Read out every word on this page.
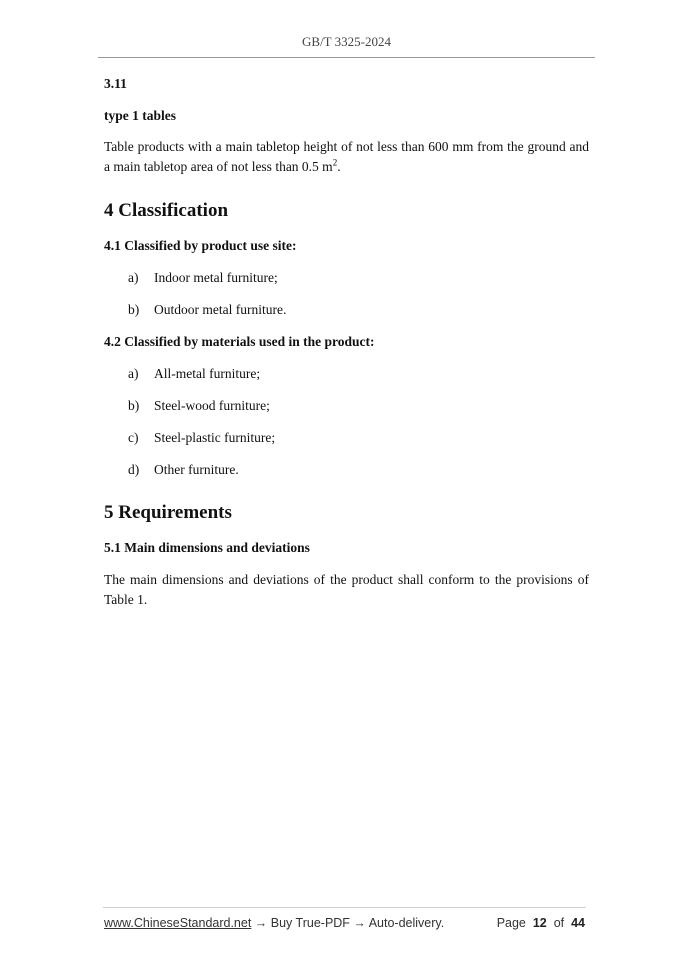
GB/T 3325-2024

3.11

type 1 tables

Table products with a main tabletop height of not less than 600 mm from the ground and a main tabletop area of not less than 0.5 $m^2$.

4 Classification
4.1 Classified by product use site:
a)	Indoor metal furniture;
b)	Outdoor metal furniture.
4.2 Classified by materials used in the product:
a)	All-metal furniture;
b)	Steel-wood furniture;
c)	Steel-plastic furniture;
d)	Other furniture.
5 Requirements
5.1 Main dimensions and deviations

The main dimensions and deviations of the product shall conform to the provisions of Table 1.

www.ChineseStandard.net → Buy True-PDF → Auto-delivery.	Page 12 of 44
